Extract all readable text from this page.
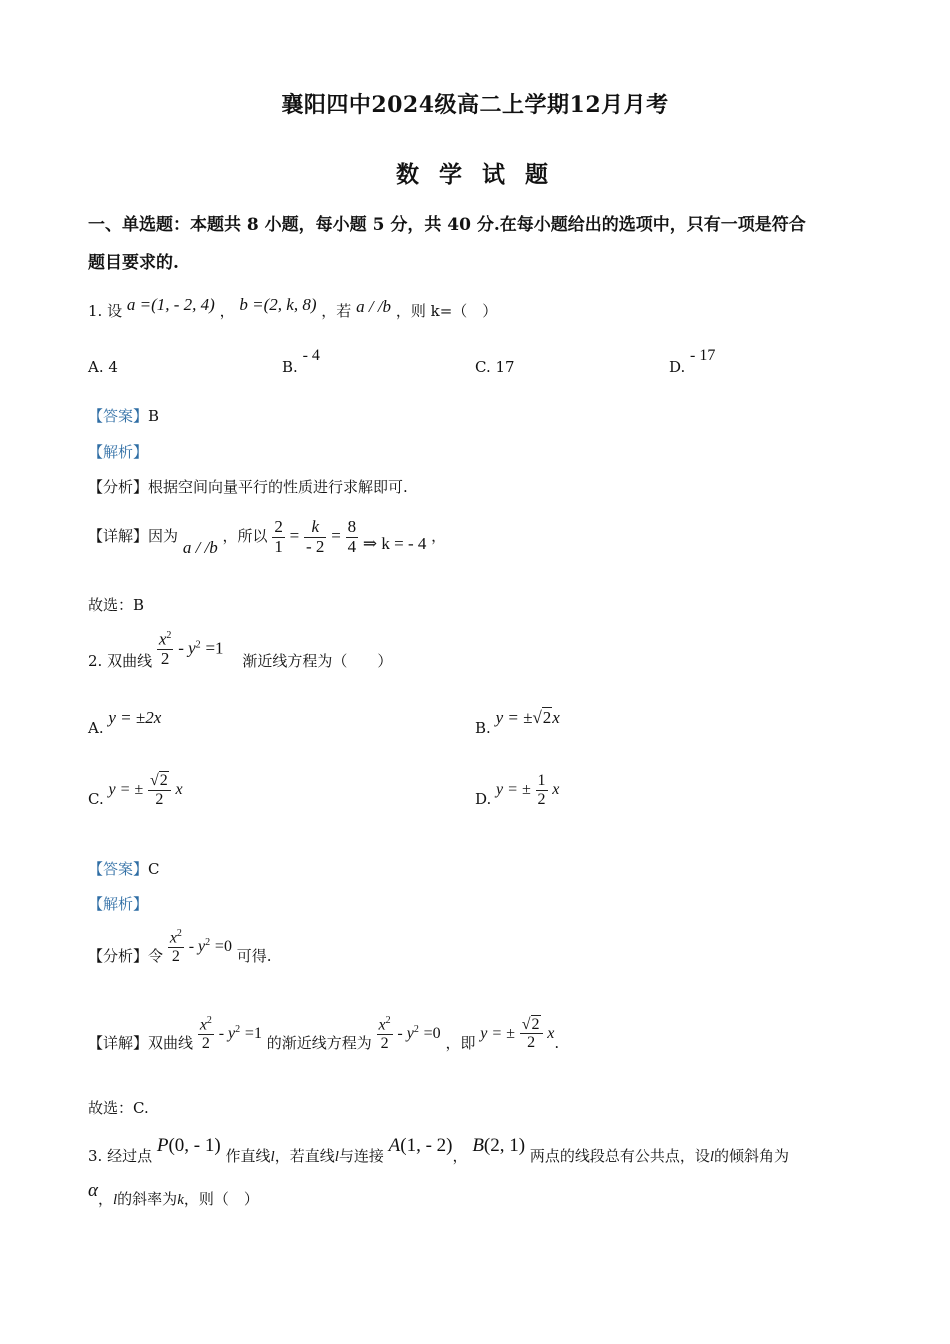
襄阳四中2024级高二上学期12月月考
数 学 试 题
一、单选题：本题共 8 小题，每小题 5 分，共 40 分.在每小题给出的选项中，只有一项是符合
题目要求的.
1. 设 a =(1, - 2, 4) ， b =(2, k, 8) ，若 a / /b ，则 k=（　）
A. 4	B. - 4
C. 17	D. - 17
【答案】B
【解析】
【分析】根据空间向量平行的性质进行求解即可.
【详解】因为 a / /b ，所以 $\frac{2}{1} = \frac{k}{- 2} = \frac{8}{4}$ ⇒ k = - 4 ，
故选：B
2. 双曲线 $\frac{x^2}{2} - y^2 =1$ 渐近线方程为（　　）
A. y = ±2x
B. y = ±√2x
C. y = ± $\frac{√2}{2}$ x
D. y = ± $\frac{1}{2}$ x
【答案】C
【解析】
【分析】令 $\frac{x^2}{2} - y^2 =0$ 可得.
【详解】双曲线 $\frac{x^2}{2} - y^2 =1$ 的渐近线方程为 $\frac{x^2}{2} - y^2 =0$ ，即 y = ± $\frac{√2}{2} x$.
故选：C.
3. 经过点 P(0, - 1) 作直线l，若直线l与连接 A(1, - 2)， B(2, 1) 两点的线段总有公共点，设l的倾斜角为
α，l的斜率为k，则（　）
